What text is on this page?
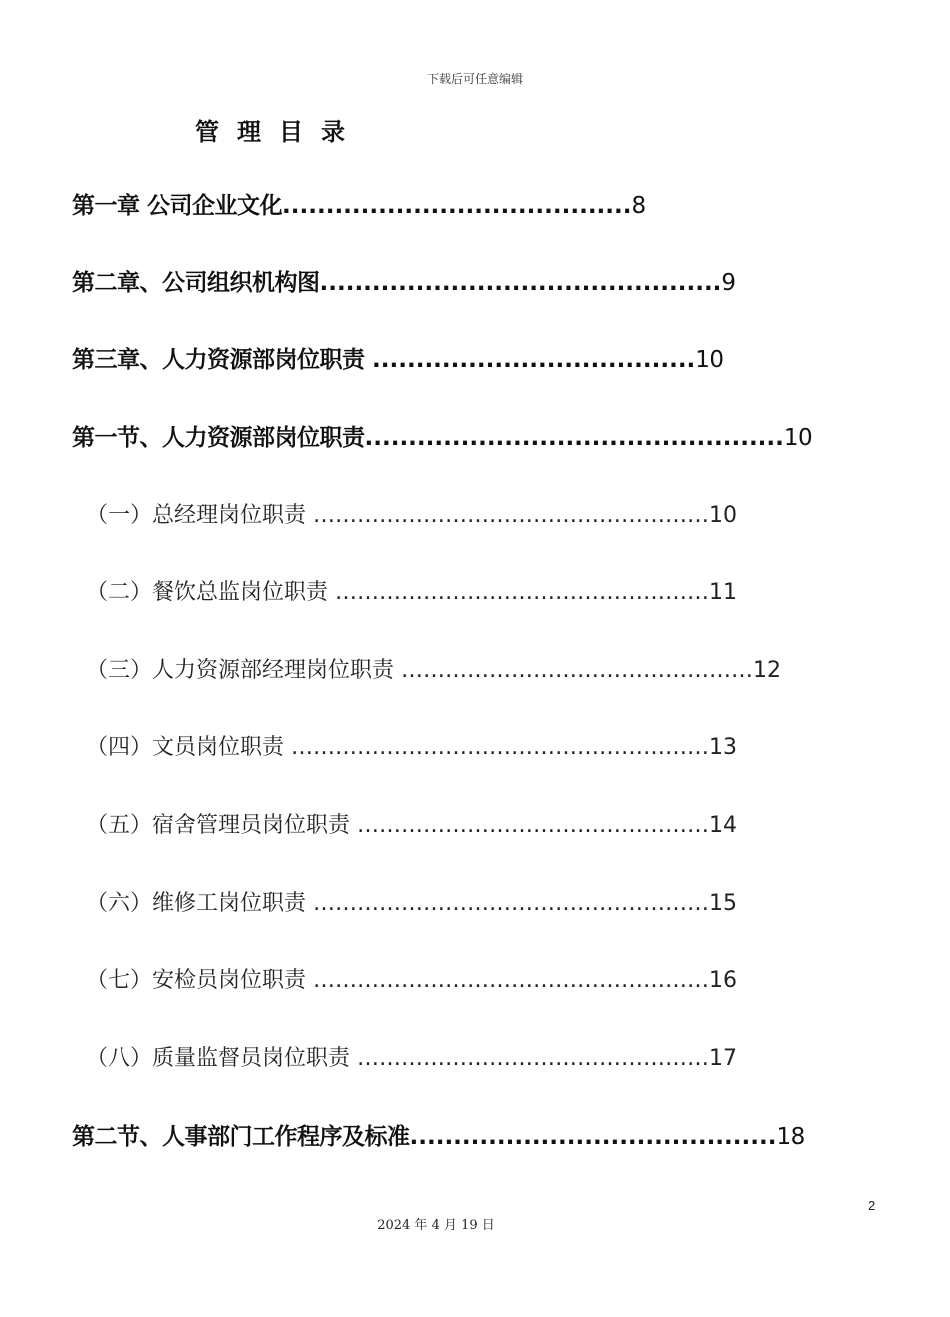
下载后可任意编辑
管理目录
第一章 公司企业文化........................................8
第二章、公司组织机构图..............................................9
第三章、人力资源部岗位职责 .....................................10
第一节、人力资源部岗位职责................................................10
（一）总经理岗位职责 ………………………………………………10
（二）餐饮总监岗位职责 ……………………………………………11
（三）人力资源部经理岗位职责 …………………………………………12
（四）文员岗位职责 …………………………………………………13
（五）宿舍管理员岗位职责 …………………………………………14
（六）维修工岗位职责 ………………………………………………15
（七）安检员岗位职责 ………………………………………………16
（八）质量监督员岗位职责 …………………………………………17
第二节、人事部门工作程序及标准..........................................18
2
2024 年 4 月 19 日
